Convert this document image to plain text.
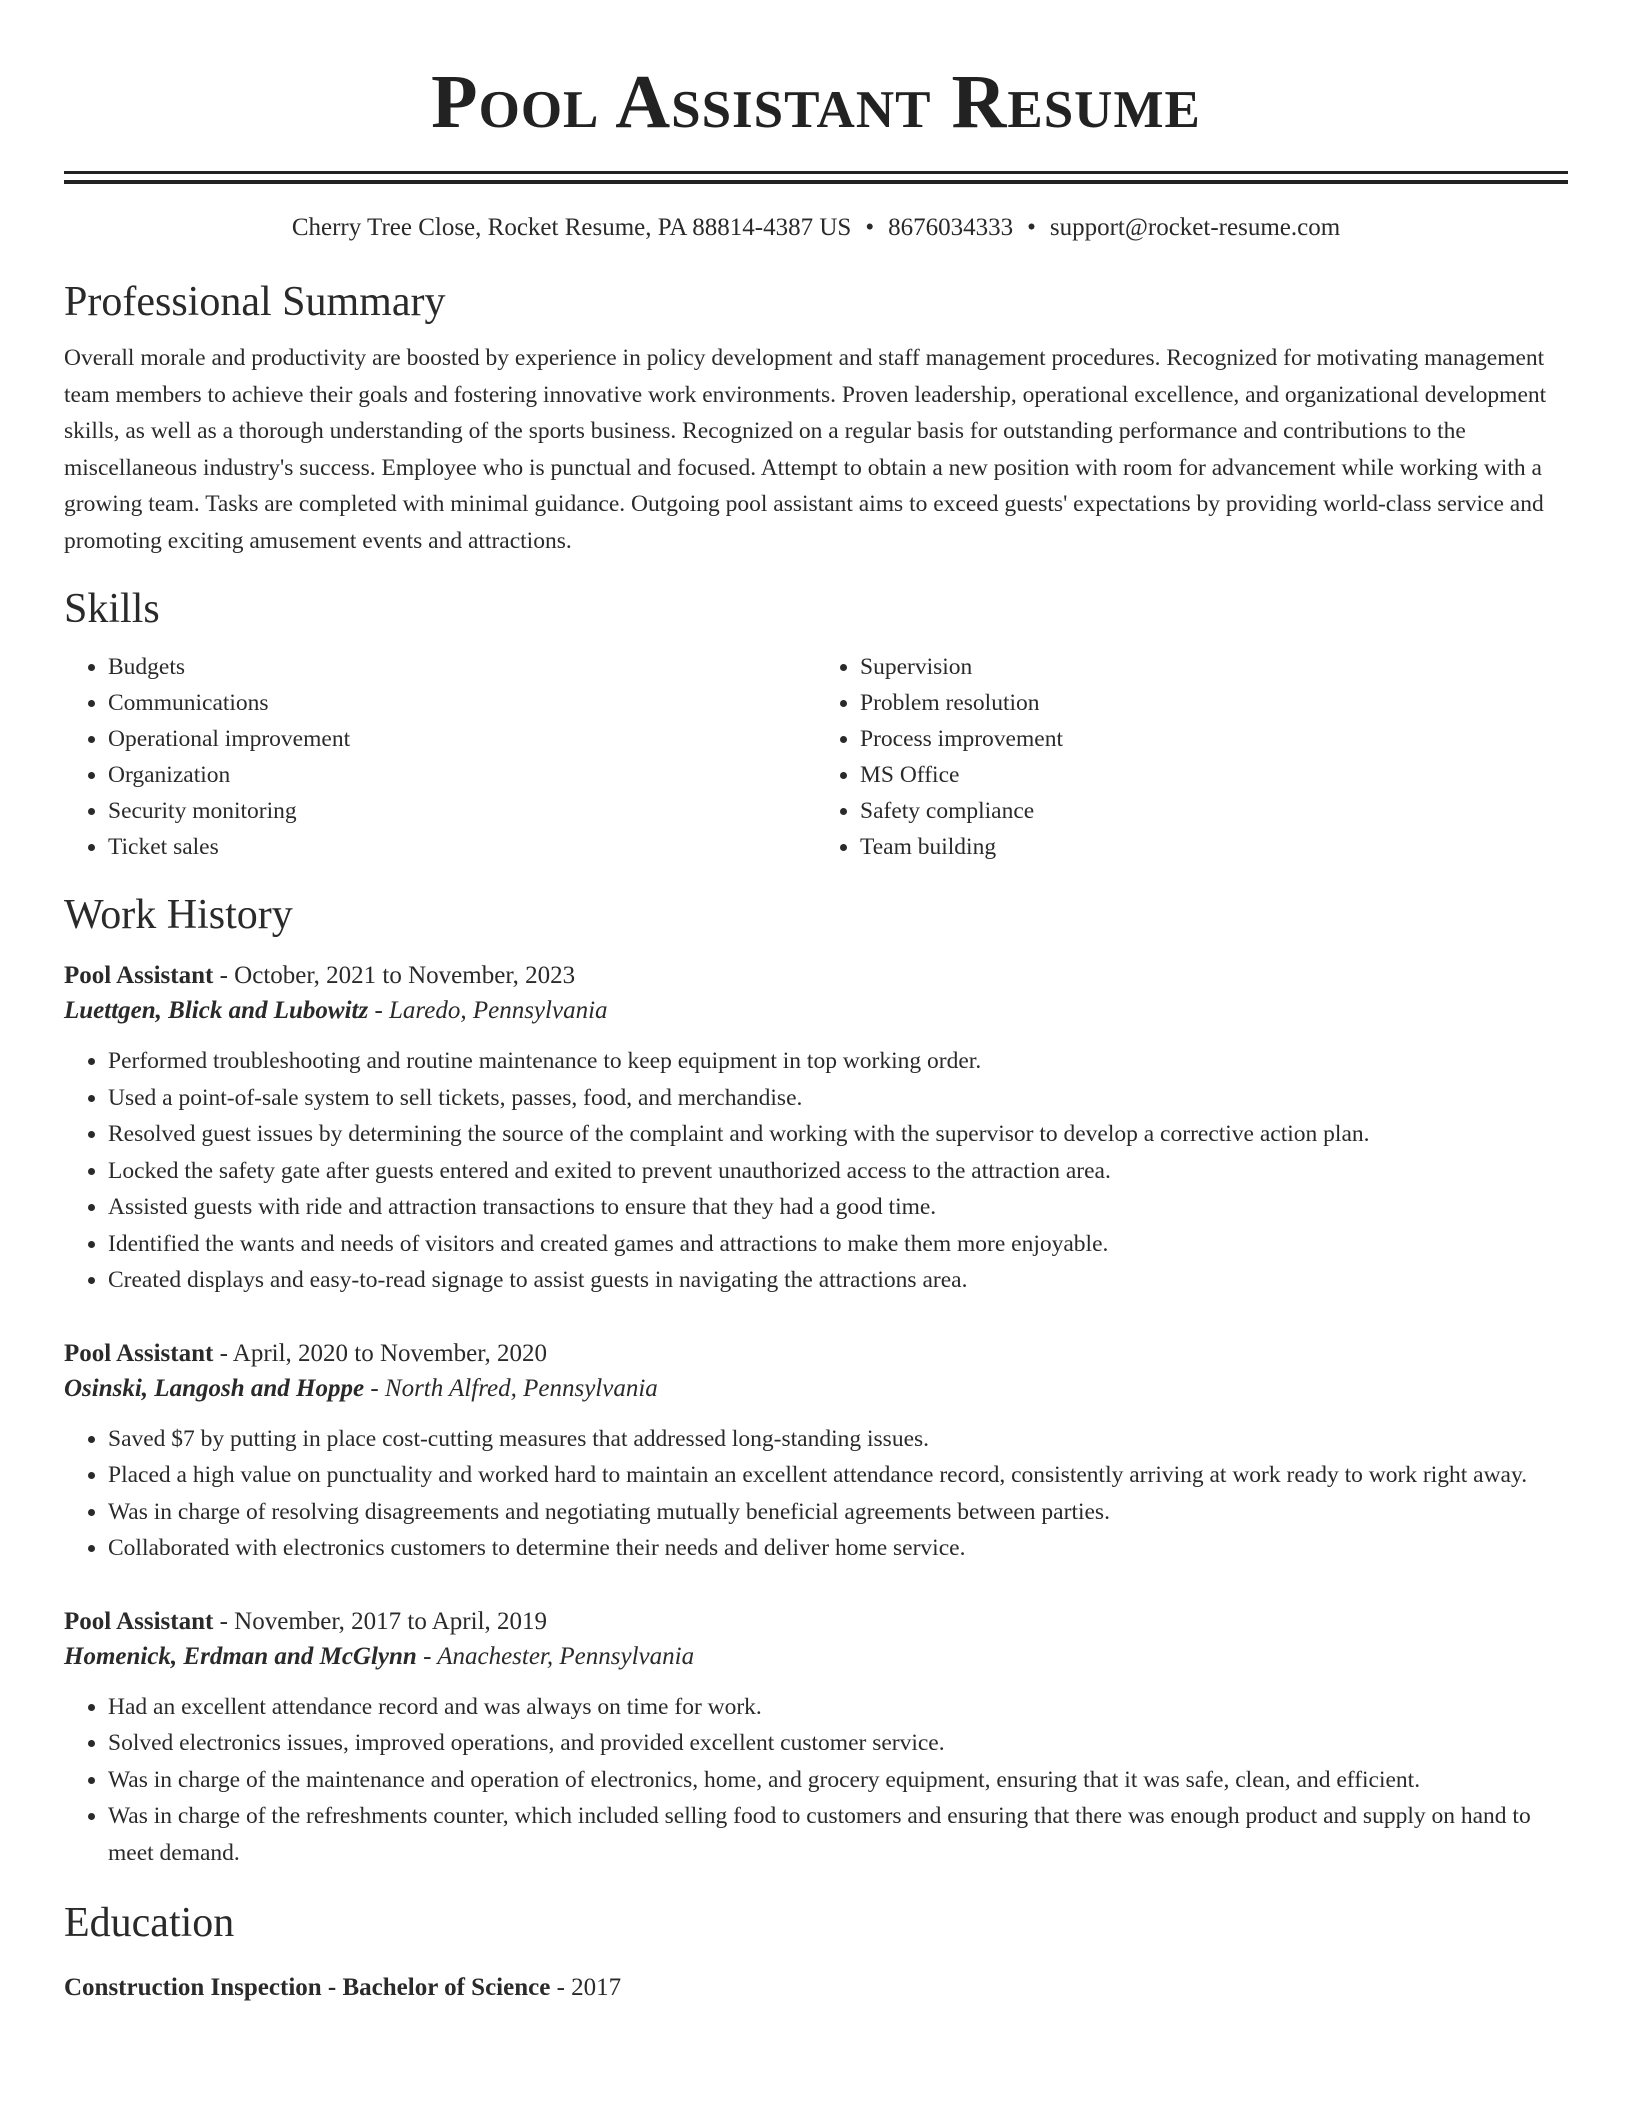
Pool Assistant Resume
Cherry Tree Close, Rocket Resume, PA 88814-4387 US • 8676034333 • support@rocket-resume.com
Professional Summary

Overall morale and productivity are boosted by experience in policy development and staff management procedures. Recognized for motivating management team members to achieve their goals and fostering innovative work environments. Proven leadership, operational excellence, and organizational development skills, as well as a thorough understanding of the sports business. Recognized on a regular basis for outstanding performance and contributions to the miscellaneous industry's success. Employee who is punctual and focused. Attempt to obtain a new position with room for advancement while working with a growing team. Tasks are completed with minimal guidance. Outgoing pool assistant aims to exceed guests' expectations by providing world-class service and promoting exciting amusement events and attractions.

Skills
• Budgets
• Communications
• Operational improvement
• Organization
• Security monitoring
• Ticket sales
• Supervision
• Problem resolution
• Process improvement
• MS Office
• Safety compliance
• Team building
Work History
Pool Assistant - October, 2021 to November, 2023
Luettgen, Blick and Lubowitz - Laredo, Pennsylvania
• Performed troubleshooting and routine maintenance to keep equipment in top working order.
• Used a point-of-sale system to sell tickets, passes, food, and merchandise.
• Resolved guest issues by determining the source of the complaint and working with the supervisor to develop a corrective action plan.
• Locked the safety gate after guests entered and exited to prevent unauthorized access to the attraction area.
• Assisted guests with ride and attraction transactions to ensure that they had a good time.
• Identified the wants and needs of visitors and created games and attractions to make them more enjoyable.
• Created displays and easy-to-read signage to assist guests in navigating the attractions area.
Pool Assistant - April, 2020 to November, 2020
Osinski, Langosh and Hoppe - North Alfred, Pennsylvania
• Saved $7 by putting in place cost-cutting measures that addressed long-standing issues.
• Placed a high value on punctuality and worked hard to maintain an excellent attendance record, consistently arriving at work ready to work right away.
• Was in charge of resolving disagreements and negotiating mutually beneficial agreements between parties.
• Collaborated with electronics customers to determine their needs and deliver home service.
Pool Assistant - November, 2017 to April, 2019
Homenick, Erdman and McGlynn - Anachester, Pennsylvania
• Had an excellent attendance record and was always on time for work.
• Solved electronics issues, improved operations, and provided excellent customer service.
• Was in charge of the maintenance and operation of electronics, home, and grocery equipment, ensuring that it was safe, clean, and efficient.
• Was in charge of the refreshments counter, which included selling food to customers and ensuring that there was enough product and supply on hand to meet demand.
Education
Construction Inspection - Bachelor of Science - 2017
